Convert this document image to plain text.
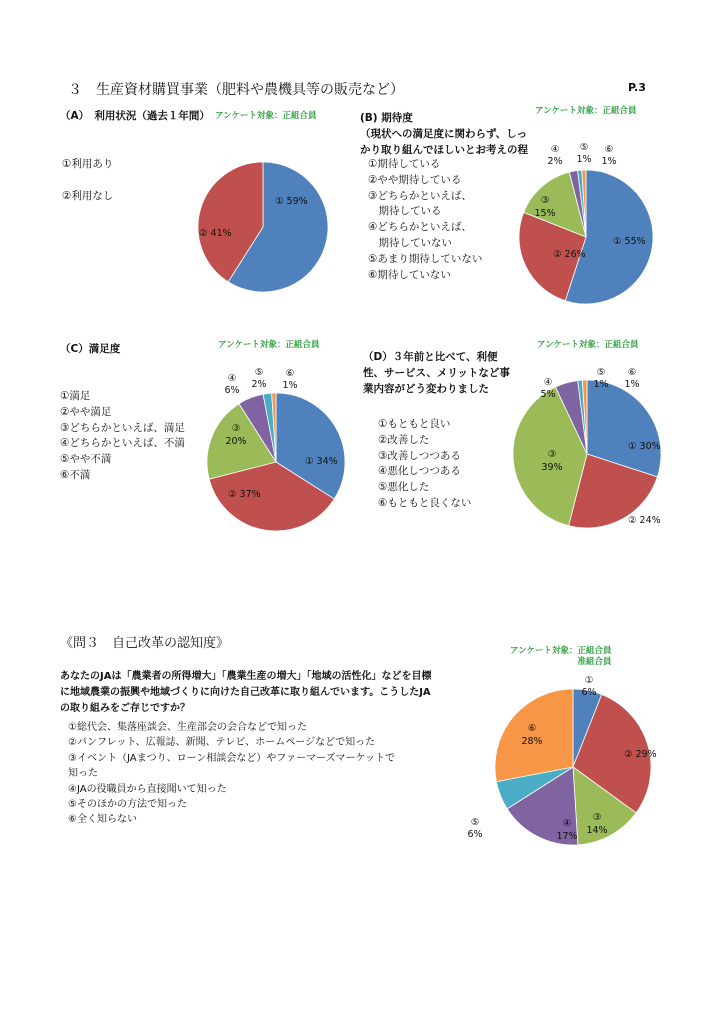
３　生産資材購買事業（肥料や農機具等の販売など）	P.3
（A）　利用状況（過去１年間） アンケート対象：正組合員
①利用あり
②利用なし	① 59%
② 41%
① 55%
② 26%
③ 15%
④ 2%
⑤ 1%
⑥ 1%
① 34%
② 37%
③ 20%
④ 6%
⑤ 2%
⑥ 1%
① 30%
② 24%
③ 39%
④ 5%
⑤ 1%
⑥ 1%
① 6%
② 29%
③ 14%
④ 17%
⑤ 6%
⑥ 28%
(B) 期待度
（現状への満足度に関わらず、しっ
かり取り組んでほしいとお考えの程
アンケート対象：正組合員
①期待している
②やや期待している
③どちらかといえば、
　期待している
④どちらかといえば、
　期待していない
⑤あまり期待していない
⑥期待していない
（C）満足度	アンケート対象：正組合員
①満足
②やや満足
③どちらかといえば、満足
④どちらかといえば、不満
⑤やや不満
⑥不満
（D）３年前と比べて、利便
性、サービス、メリットなど事
業内容がどう変わりました
アンケート対象：正組合員
①もともと良い
②改善した
③改善しつつある
④悪化しつつある
⑤悪化した
⑥もともと良くない
《問３　自己改革の認知度》	アンケート対象：正組合員
准組合員
あなたのJAは「農業者の所得増大」「農業生産の増大」「地域の活性化」などを目標
に地域農業の振興や地域づくりに向けた自己改革に取り組んでいます。こうしたJA
の取り組みをご存じですか？
①総代会、集落座談会、生産部会の会合などで知った
②パンフレット、広報誌、新聞、テレビ、ホームページなどで知った
③イベント（JAまつり、ローン相談会など）やファーマーズマーケットで
知った
④JAの役職員から直接聞いて知った
⑤そのほかの方法で知った
⑥全く知らない
